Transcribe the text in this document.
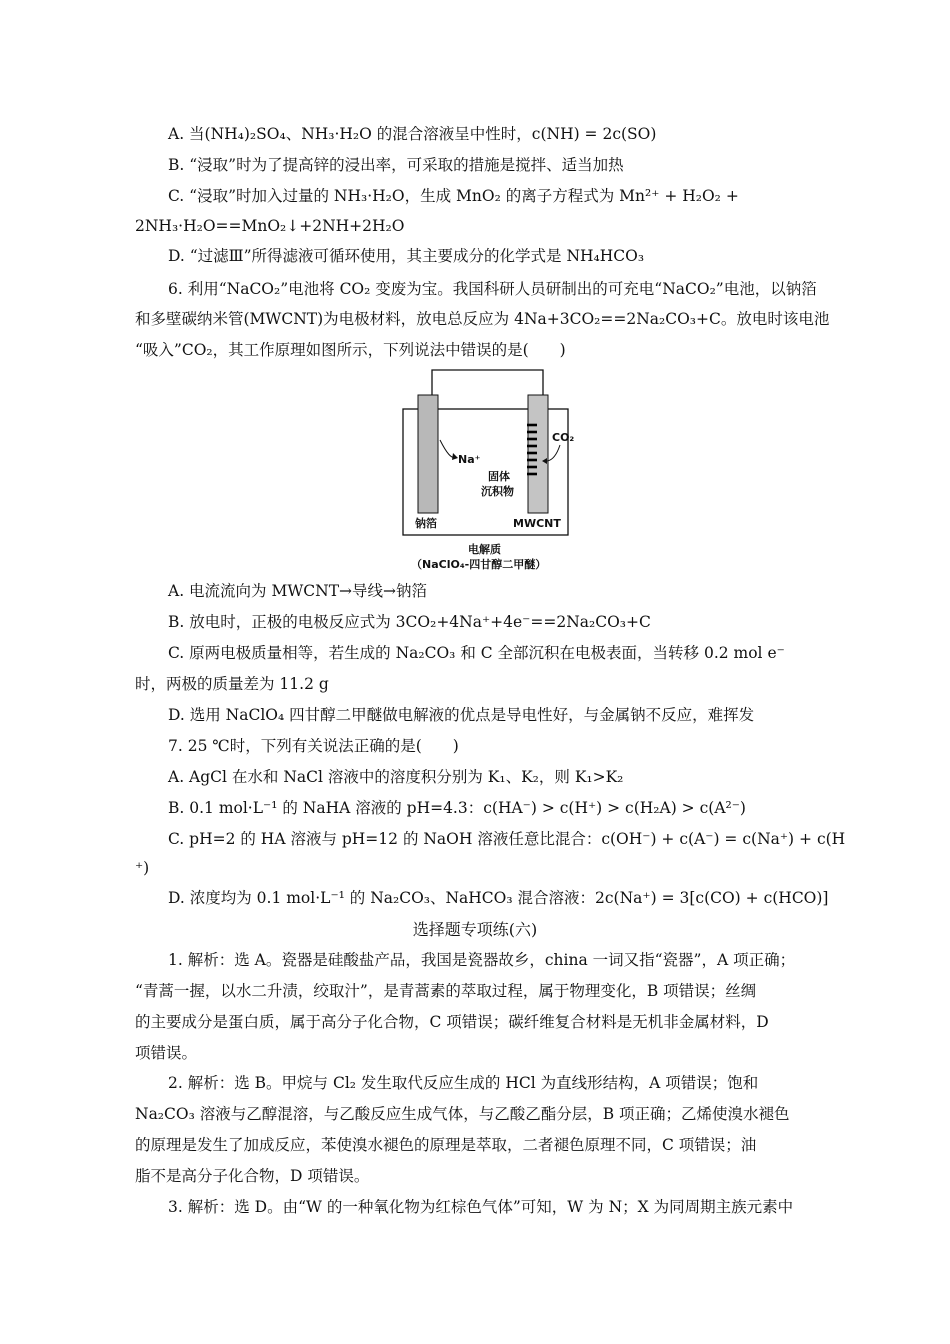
A. 当(NH₄)₂SO₄、NH₃·H₂O 的混合溶液呈中性时，c(NH) = 2c(SO)
B. “浸取”时为了提高锌的浸出率，可采取的措施是搅拌、适当加热
C. “浸取”时加入过量的 NH₃·H₂O，生成 MnO₂ 的离子方程式为 Mn²⁺ + H₂O₂ +
2NH₃·H₂O==MnO₂↓+2NH+2H₂O
D. “过滤Ⅲ”所得滤液可循环使用，其主要成分的化学式是 NH₄HCO₃
6. 利用“NaCO₂”电池将 CO₂ 变废为宝。我国科研人员研制出的可充电“NaCO₂”电池，以钠箔
和多壁碳纳米管(MWCNT)为电极材料，放电总反应为 4Na+3CO₂==2Na₂CO₃+C。放电时该电池
“吸入”CO₂，其工作原理如图所示，下列说法中错误的是(　　)
Na⁺
CO₂
固体
沉积物
钠箔	MWCNT
电解质
（NaClO₄-四甘醇二甲醚）
A. 电流流向为 MWCNT→导线→钠箔
B. 放电时，正极的电极反应式为 3CO₂+4Na⁺+4e⁻==2Na₂CO₃+C
C. 原两电极质量相等，若生成的 Na₂CO₃ 和 C 全部沉积在电极表面，当转移 0.2 mol e⁻
时，两极的质量差为 11.2 g
D. 选用 NaClO₄ 四甘醇二甲醚做电解液的优点是导电性好，与金属钠不反应，难挥发
7. 25 ℃时，下列有关说法正确的是(　　)
A. AgCl 在水和 NaCl 溶液中的溶度积分别为 K₁、K₂，则 K₁>K₂
B. 0.1 mol·L⁻¹ 的 NaHA 溶液的 pH=4.3：c(HA⁻) > c(H⁺) > c(H₂A) > c(A²⁻)
C. pH=2 的 HA 溶液与 pH=12 的 NaOH 溶液任意比混合：c(OH⁻) + c(A⁻) = c(Na⁺) + c(H
⁺)
D. 浓度均为 0.1 mol·L⁻¹ 的 Na₂CO₃、NaHCO₃ 混合溶液：2c(Na⁺) = 3[c(CO) + c(HCO)]
选择题专项练(六)
1. 解析：选 A。瓷器是硅酸盐产品，我国是瓷器故乡，china 一词又指“瓷器”，A 项正确；
“青蒿一握，以水二升渍，绞取汁”，是青蒿素的萃取过程，属于物理变化，B 项错误；丝绸
的主要成分是蛋白质，属于高分子化合物，C 项错误；碳纤维复合材料是无机非金属材料，D
项错误。
2. 解析：选 B。甲烷与 Cl₂ 发生取代反应生成的 HCl 为直线形结构，A 项错误；饱和
Na₂CO₃ 溶液与乙醇混溶，与乙酸反应生成气体，与乙酸乙酯分层，B 项正确；乙烯使溴水褪色
的原理是发生了加成反应，苯使溴水褪色的原理是萃取，二者褪色原理不同，C 项错误；油
脂不是高分子化合物，D 项错误。
3. 解析：选 D。由“W 的一种氧化物为红棕色气体”可知，W 为 N；X 为同周期主族元素中
